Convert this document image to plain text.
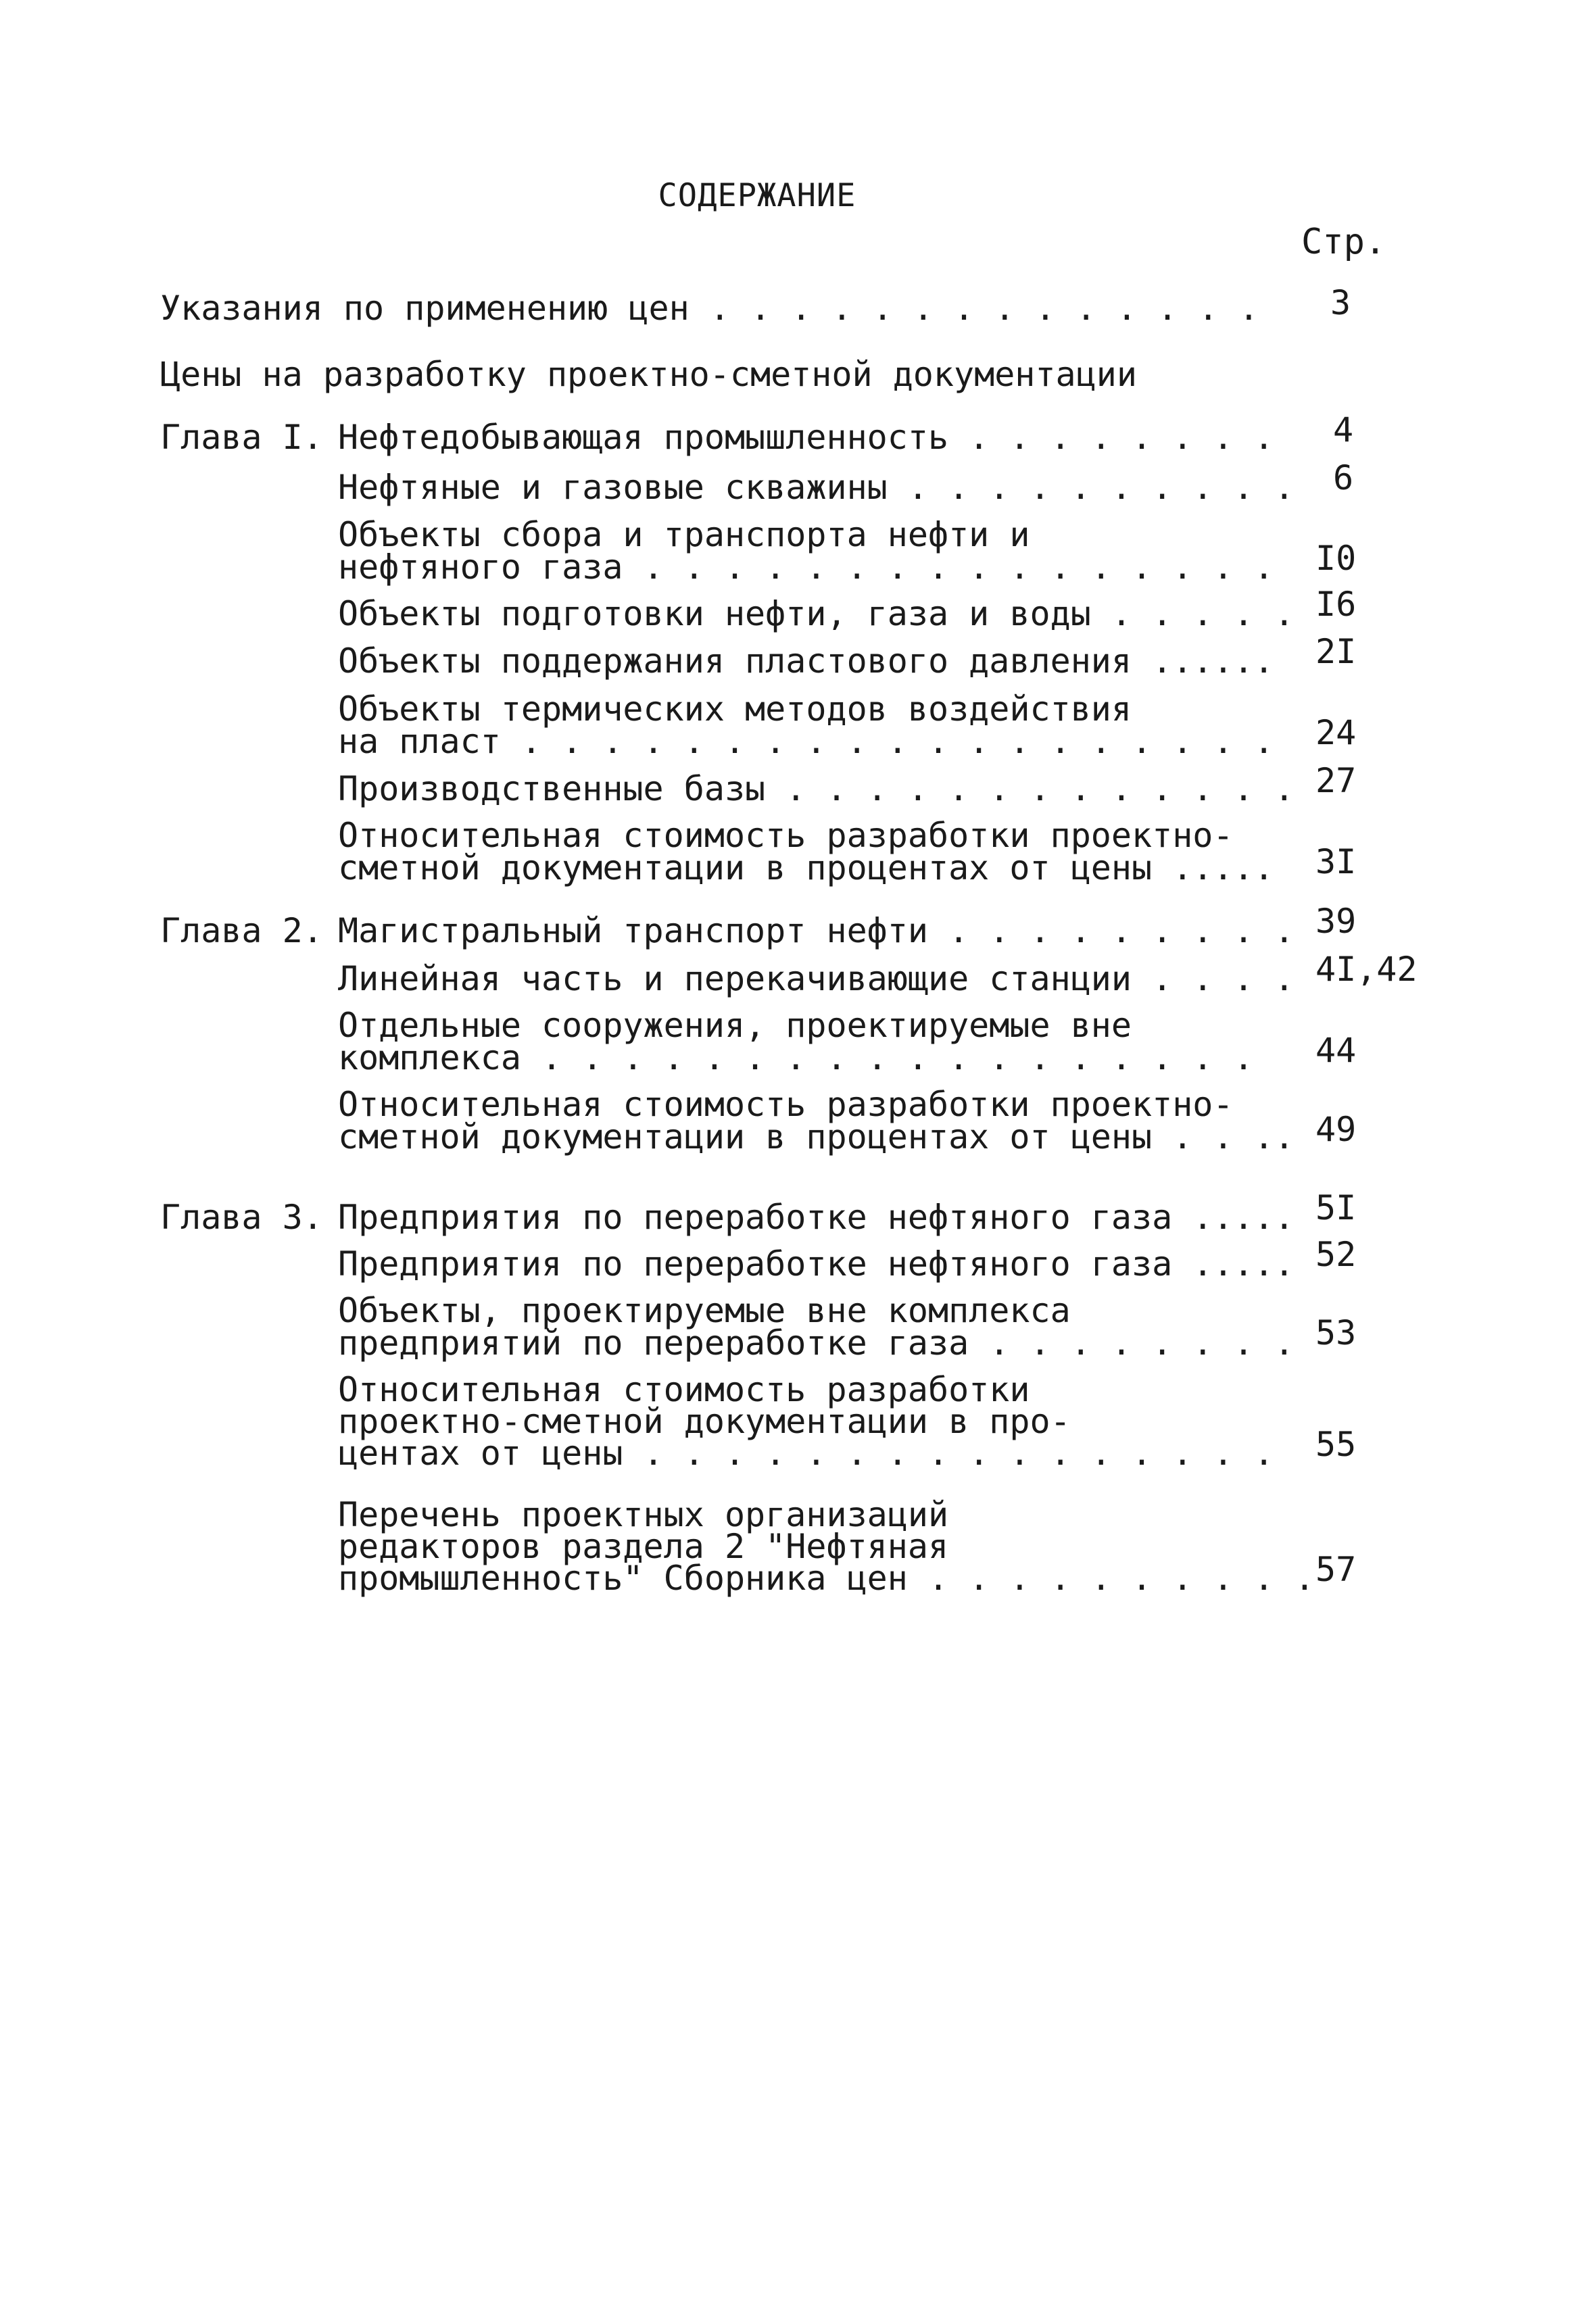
СОДЕРЖАНИЕ
Стр.
Указания по применению цен . . . . . . . . . . . . . . 3
Цены на разработку проектно-сметной документации
Глава I. Нефтедобывающая промышленность . . . . . . . . 4
Нефтяные и газовые скважины . . . . . . . . . . 6
Объекты сбора и транспорта нефти и
нефтяного газа . . . . . . . . . . . . . . . . I0
Объекты подготовки нефти, газа и воды . . . . . I6
Объекты поддержания пластового давления ...... 2I
Объекты термических методов воздействия
на пласт . . . . . . . . . . . . . . . . . . . 24
Производственные базы . . . . . . . . . . . . . 27
Относительная стоимость разработки проектно-
сметной документации в процентах от цены ..... 3I
Глава 2. Магистральный транспорт нефти . . . . . . . . . 39
Линейная часть и перекачивающие станции . . . . 4I,42
Отдельные сооружения, проектируемые вне
комплекса . . . . . . . . . . . . . . . . . . 44
Относительная стоимость разработки проектно-
сметной документации в процентах от цены . . .. 49
Глава 3. Предприятия по переработке нефтяного газа ..... 5I
Предприятия по переработке нефтяного газа ..... 52
Объекты, проектируемые вне комплекса
предприятий по переработке газа . . . . . . . . 53
Относительная стоимость разработки
проектно-сметной документации в про-
центах от цены . . . . . . . . . . . . . . . . 55
Перечень проектных организаций
редакторов раздела 2 "Нефтяная
промышленность" Сборника цен . . . . . . . . . . 57
